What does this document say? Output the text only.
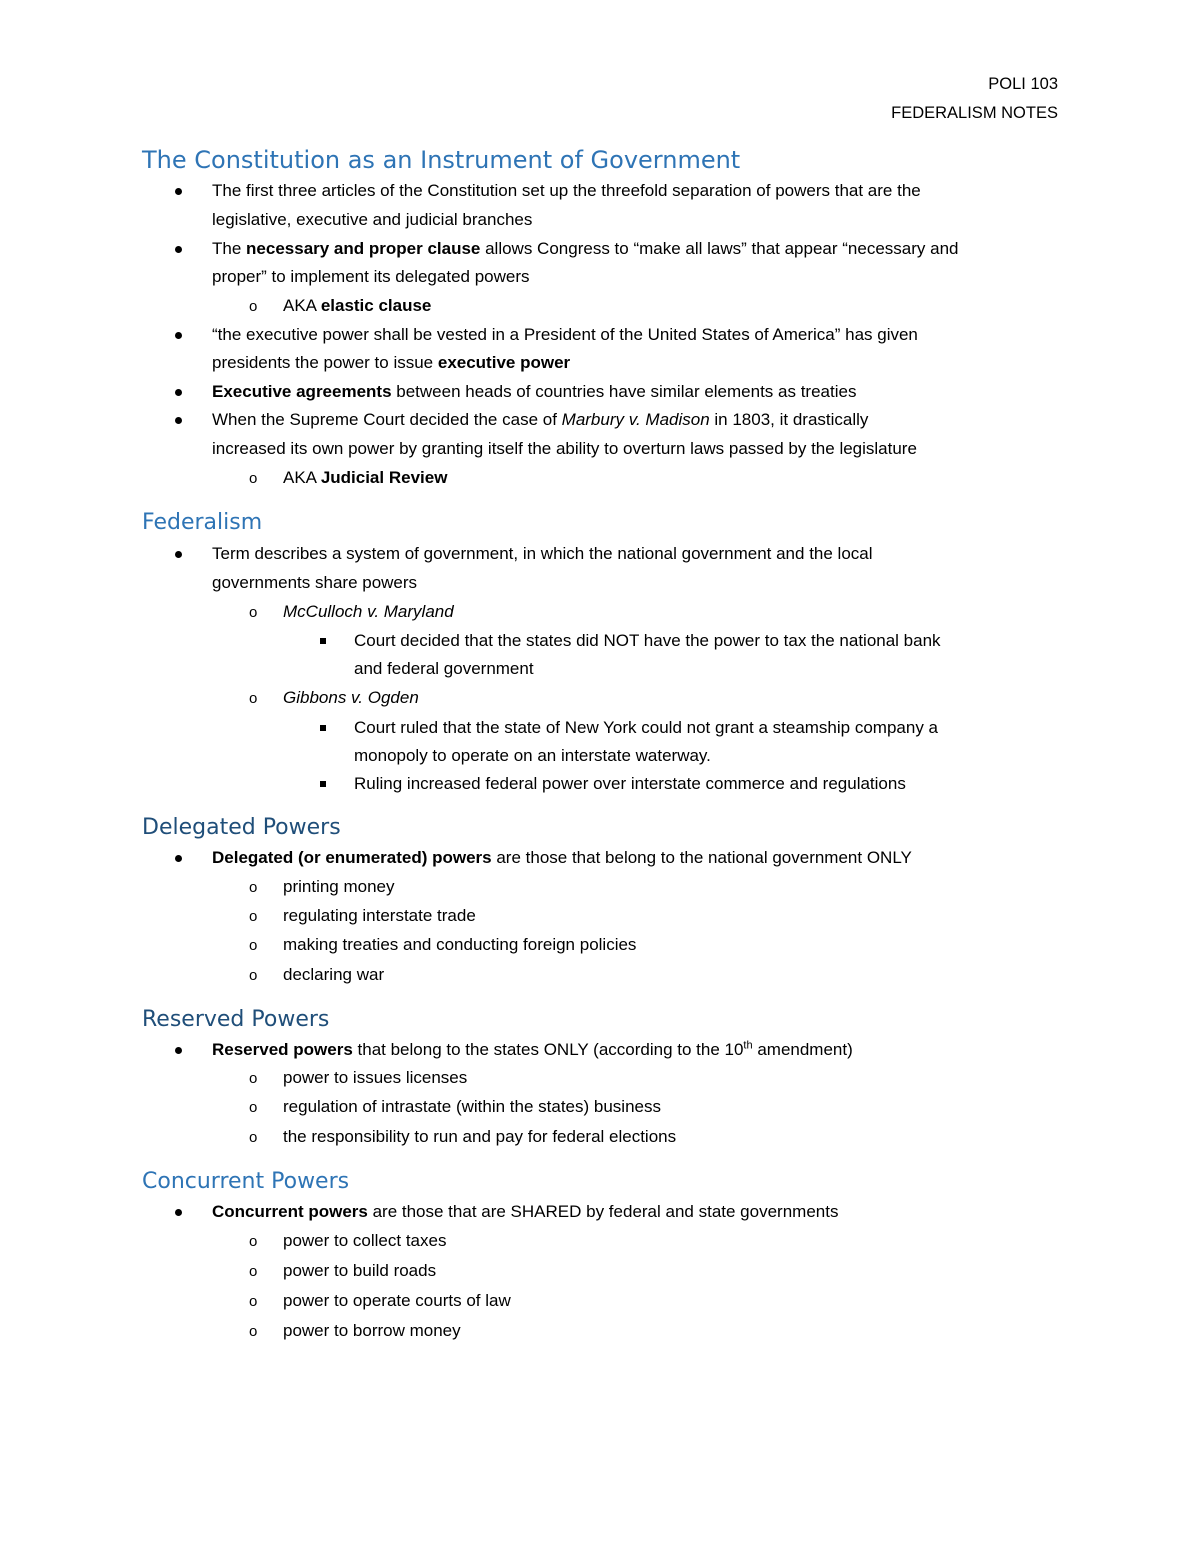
POLI 103
FEDERALISM NOTES
The Constitution as an Instrument of Government
The first three articles of the Constitution set up the threefold separation of powers that are the
legislative, executive and judicial branches
The necessary and proper clause allows Congress to “make all laws” that appear “necessary and
proper” to implement its delegated powers
o AKA elastic clause
“the executive power shall be vested in a President of the United States of America” has given
presidents the power to issue executive power
Executive agreements between heads of countries have similar elements as treaties
When the Supreme Court decided the case of Marbury v. Madison in 1803, it drastically
increased its own power by granting itself the ability to overturn laws passed by the legislature
o AKA Judicial Review
Federalism
Term describes a system of government, in which the national government and the local
governments share powers
o McCulloch v. Maryland
Court decided that the states did NOT have the power to tax the national bank
and federal government
o Gibbons v. Ogden
Court ruled that the state of New York could not grant a steamship company a
monopoly to operate on an interstate waterway.
Ruling increased federal power over interstate commerce and regulations
Delegated Powers
Delegated (or enumerated) powers are those that belong to the national government ONLY
o printing money
o regulating interstate trade
o making treaties and conducting foreign policies
o declaring war
Reserved Powers
Reserved powers that belong to the states ONLY (according to the 10th amendment)
o power to issues licenses
o regulation of intrastate (within the states) business
o the responsibility to run and pay for federal elections
Concurrent Powers
Concurrent powers are those that are SHARED by federal and state governments
o power to collect taxes
o power to build roads
o power to operate courts of law
o power to borrow money
